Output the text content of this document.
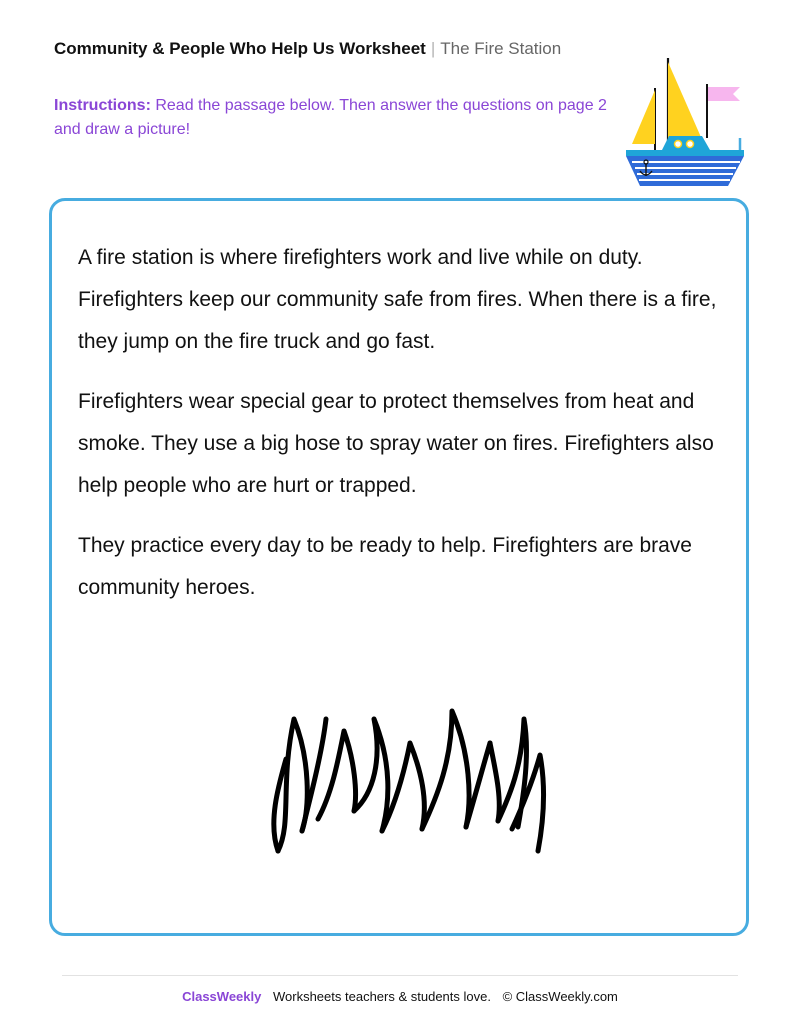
Community & People Who Help Us Worksheet | The Fire Station
Instructions: Read the passage below. Then answer the questions on page 2 and draw a picture!

A fire station is where firefighters work and live while on duty. Firefighters keep our community safe from fires. When there is a fire, they jump on the fire truck and go fast.

Firefighters wear special gear to protect themselves from heat and smoke. They use a big hose to spray water on fires. Firefighters also help people who are hurt or trapped.

They practice every day to be ready to help. Firefighters are brave community heroes.

ClassWeekly Worksheets teachers & students love. © ClassWeekly.com
